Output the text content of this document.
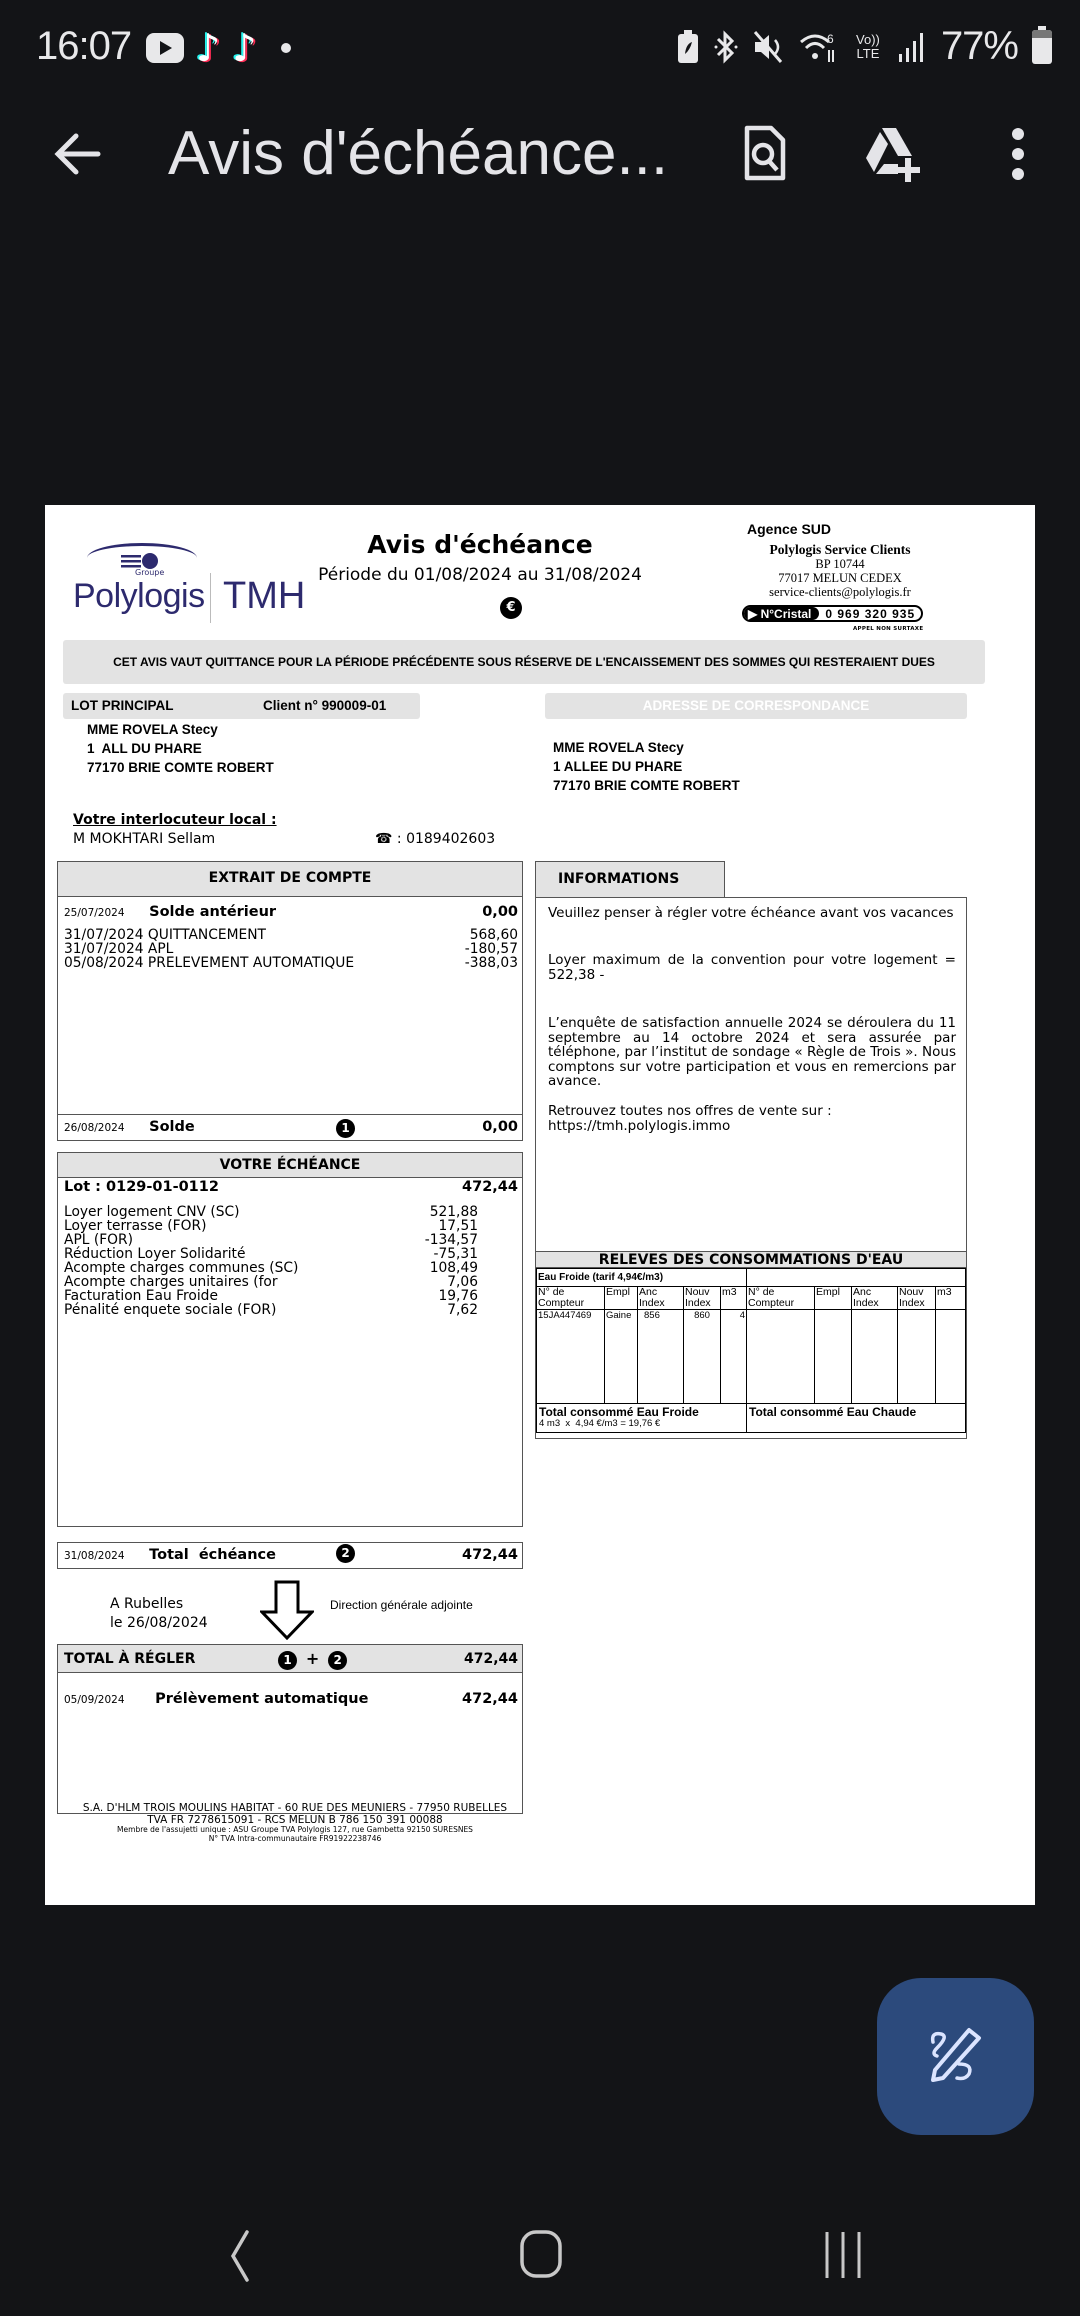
16:07 ♪ ♪	6 Vo)) LTE 77%
Avis d'échéance...
Groupe
Polylogis TMH
Avis d'échéance
Période du 01/08/2024 au 31/08/2024
€
Agence SUD
Polylogis Service Clients
BP 10744
77017 MELUN CEDEX
service-clients@polylogis.fr
▶ N°Cristal	0 969 320 935
APPEL NON SURTAXE
CET AVIS VAUT QUITTANCE POUR LA PÉRIODE PRÉCÉDENTE SOUS RÉSERVE DE L'ENCAISSEMENT DES SOMMES QUI RESTERAIENT DUES
LOT PRINCIPAL	Client n° 990009-01	ADRESSE DE CORRESPONDANCE
MME ROVELA Stecy
1  ALL DU PHARE
77170 BRIE COMTE ROBERT
MME ROVELA Stecy
1 ALLEE DU PHARE
77170 BRIE COMTE ROBERT
Votre interlocuteur local :
M MOKHTARI Sellam	☎ : 0189402603
EXTRAIT DE COMPTE
25/07/2024 Solde antérieur	0,00
31/07/2024 QUITTANCEMENT	568,60
31/07/2024 APL	-180,57
05/08/2024 PRELEVEMENT AUTOMATIQUE	-388,03
26/08/2024 Solde	1	0,00
VOTRE ÉCHÉANCE
Lot : 0129-01-0112	472,44
Loyer logement CNV (SC)	521,88
Loyer terrasse (FOR)	17,51
APL (FOR)	-134,57
Réduction Loyer Solidarité	-75,31
Acompte charges communes (SC)	108,49
Acompte charges unitaires (for	7,06
Facturation Eau Froide	19,76
Pénalité enquete sociale (FOR)	7,62
31/08/2024 Total  échéance	2	472,44
A Rubelles
le 26/08/2024
Direction générale adjointe
TOTAL À RÉGLER	1 + 2	472,44
05/09/2024 Prélèvement automatique	472,44
INFORMATIONS
Veuillez penser à régler votre échéance avant vos vacances
Loyer maximum de la convention pour votre logement = 522,38 -
L’enquête de satisfaction annuelle 2024 se déroulera du 11 septembre au 14 octobre 2024 et sera assurée par téléphone, par l’institut de sondage « Règle de Trois ». Nous comptons sur votre participation et vous en remercions par avance.
Retrouvez toutes nos offres de vente sur :
https://tmh.polylogis.immo
RELEVES DES CONSOMMATIONS D'EAU
Eau Froide (tarif 4,94€/m3)									
N° de Compteur	Empl	Anc Index	Nouv Index	m3	N° de Compteur	Empl	Anc Index	Nouv Index	m3
15JA447469	Gaine	856	860	4					
Total consommé Eau Froide
4 m3  x  4,94 €/m3 = 19,76 €					Total consommé Eau Chaude				
S.A. D'HLM TROIS MOULINS HABITAT - 60 RUE DES MEUNIERS - 77950 RUBELLES
TVA FR 7278615091 - RCS MELUN B 786 150 391 00088
Membre de l'assujetti unique : ASU Groupe TVA Polylogis 127, rue Gambetta 92150 SURESNES
N° TVA Intra-communautaire FR91922238746
